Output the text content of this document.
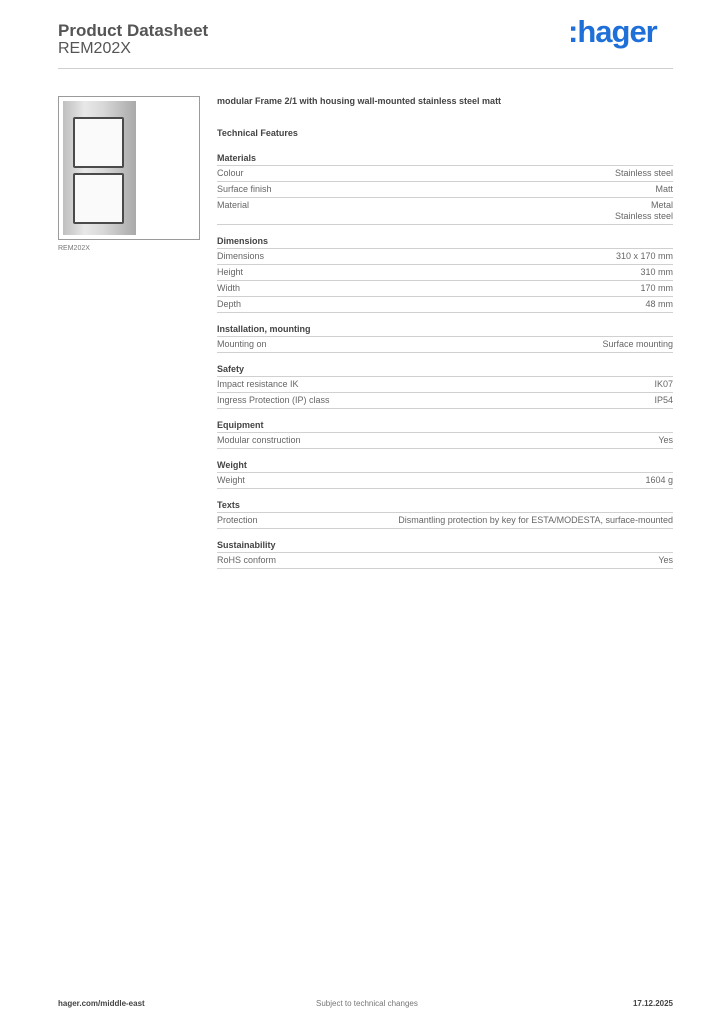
Product Datasheet
REM202X	:hager
REM202X
modular Frame 2/1 with housing wall-mounted stainless steel matt
Technical Features
Materials
Colour	Stainless steel
Surface finish	Matt
Material	Metal
Stainless steel
Dimensions
Dimensions	310 x 170 mm
Height	310 mm
Width	170 mm
Depth	48 mm
Installation, mounting
Mounting on	Surface mounting
Safety
Impact resistance IK	IK07
Ingress Protection (IP) class	IP54
Equipment
Modular construction	Yes
Weight
Weight	1604 g
Texts
Protection	Dismantling protection by key for ESTA/MODESTA, surface-mounted
Sustainability
RoHS conform	Yes
hager.com/middle-east	Subject to technical changes	17.12.2025
